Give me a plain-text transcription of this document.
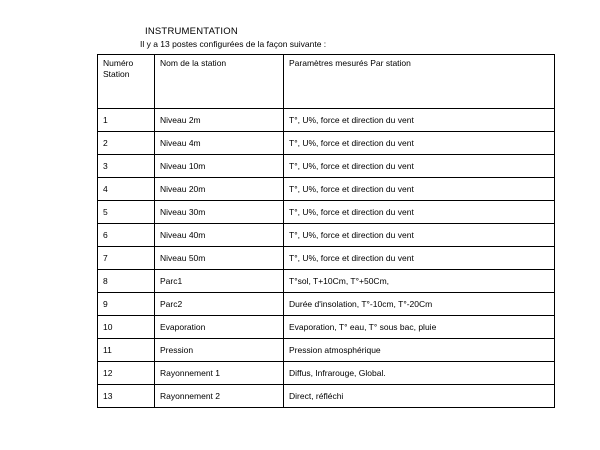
INSTRUMENTATION
Il y a 13 postes configurées de la façon suivante :
Numéro Station	Nom de la station	Paramètres mesurés Par station
1	Niveau 2m	T°, U%, force et direction du vent
2	Niveau 4m	T°, U%, force et direction du vent
3	Niveau 10m	T°, U%, force et direction du vent
4	Niveau 20m	T°, U%, force et direction du vent
5	Niveau 30m	T°, U%, force et direction du vent
6	Niveau 40m	T°, U%, force et direction du vent
7	Niveau 50m	T°, U%, force et direction du vent
8	Parc1	T°sol, T+10Cm, T°+50Cm,
9	Parc2	Durée d'insolation, T°-10cm, T°-20Cm
10	Evaporation	Evaporation, T° eau, T° sous bac, pluie
11	Pression	Pression atmosphérique
12	Rayonnement 1	Diffus, Infrarouge, Global.
13	Rayonnement 2	Direct, réfléchi
